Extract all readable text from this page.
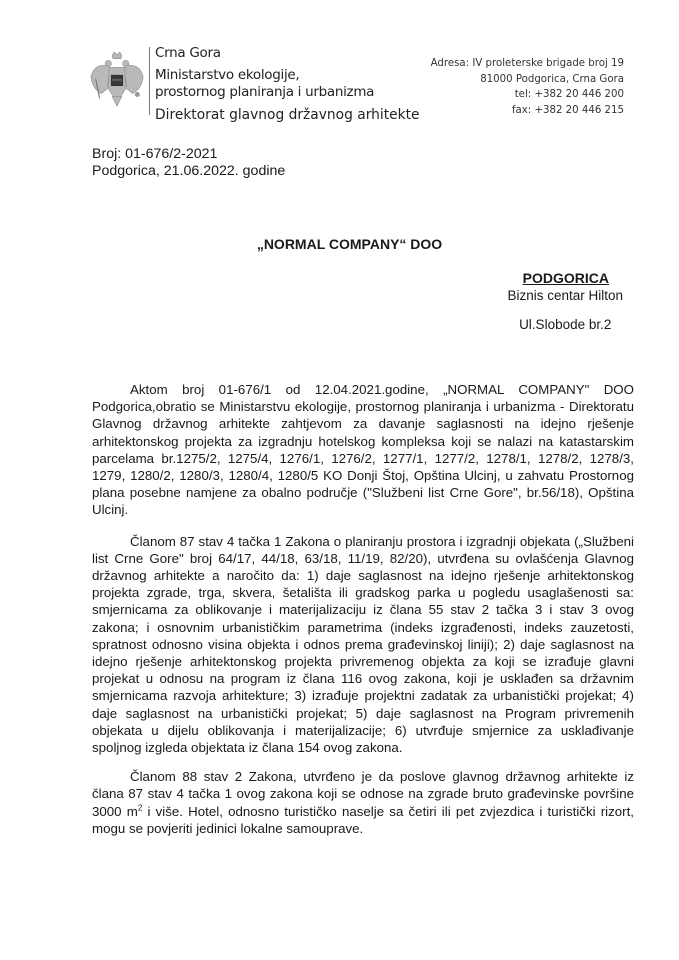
Crna Gora
Ministarstvo ekologije,
prostornog planiranja i urbanizma
Direktorat glavnog državnog arhitekte
Adresa: IV proleterske brigade broj 19
81000 Podgorica, Crna Gora
tel: +382 20 446 200
fax: +382 20 446 215
Broj: 01-676/2-2021
Podgorica, 21.06.2022. godine
„NORMAL COMPANY“ DOO
PODGORICA
Biznis centar Hilton
Ul.Slobode br.2

Aktom broj 01-676/1 od 12.04.2021.godine, „NORMAL COMPANY" DOO Podgorica,obratio se Ministarstvu ekologije, prostornog planiranja i urbanizma - Direktoratu Glavnog državnog arhitekte zahtjevom za davanje saglasnosti na idejno rješenje arhitektonskog projekta za izgradnju hotelskog kompleksa koji se nalazi na katastarskim parcelama br.1275/2, 1275/4, 1276/1, 1276/2, 1277/1, 1277/2, 1278/1, 1278/2, 1278/3, 1279, 1280/2, 1280/3, 1280/4, 1280/5 KO Donji Štoj, Opština Ulcinj, u zahvatu Prostornog plana posebne namjene za obalno područje ("Službeni list Crne Gore", br.56/18), Opština Ulcinj.

Članom 87 stav 4 tačka 1 Zakona o planiranju prostora i izgradnji objekata („Službeni list Crne Gore" broj 64/17, 44/18, 63/18, 11/19, 82/20), utvrđena su ovlašćenja Glavnog državnog arhitekte a naročito da: 1) daje saglasnost na idejno rješenje arhitektonskog projekta zgrade, trga, skvera, šetališta ili gradskog parka u pogledu usaglašenosti sa: smjernicama za oblikovanje i materijalizaciju iz člana 55 stav 2 tačka 3 i stav 3 ovog zakona; i osnovnim urbanističkim parametrima (indeks izgrađenosti, indeks zauzetosti, spratnost odnosno visina objekta i odnos prema građevinskoj liniji); 2) daje saglasnost na idejno rješenje arhitektonskog projekta privremenog objekta za koji se izrađuje glavni projekat u odnosu na program iz člana 116 ovog zakona, koji je usklađen sa državnim smjernicama razvoja arhitekture; 3) izrađuje projektni zadatak za urbanistički projekat; 4) daje saglasnost na urbanistički projekat; 5) daje saglasnost na Program privremenih objekata u dijelu oblikovanja i materijalizacije; 6) utvrđuje smjernice za usklađivanje spoljnog izgleda objektata iz člana 154 ovog zakona.

Članom 88 stav 2 Zakona, utvrđeno je da poslove glavnog državnog arhitekte iz člana 87 stav 4 tačka 1 ovog zakona koji se odnose na zgrade bruto građevinske površine 3000 $m^2$ i više. Hotel, odnosno turističko naselje sa četiri ili pet zvjezdica i turistički rizort, mogu se povjeriti jedinici lokalne samouprave.
